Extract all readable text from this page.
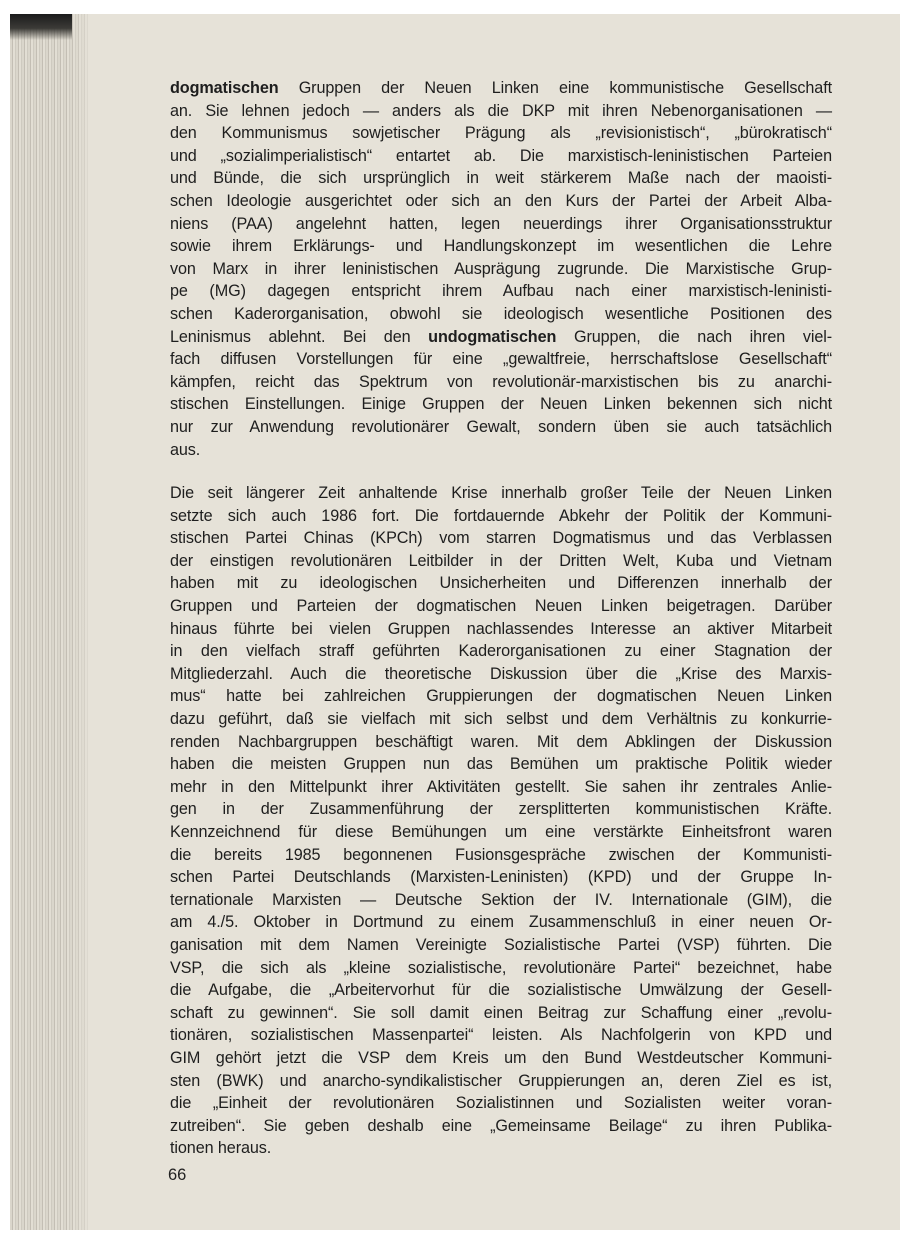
dogmatischen Gruppen der Neuen Linken eine kommunistische Gesellschaft
an. Sie lehnen jedoch — anders als die DKP mit ihren Nebenorganisationen —
den Kommunismus sowjetischer Prägung als „revisionistisch“, „bürokratisch“
und „sozialimperialistisch“ entartet ab. Die marxistisch-leninistischen Parteien
und Bünde, die sich ursprünglich in weit stärkerem Maße nach der maoisti-
schen Ideologie ausgerichtet oder sich an den Kurs der Partei der Arbeit Alba-
niens (PAA) angelehnt hatten, legen neuerdings ihrer Organisationsstruktur
sowie ihrem Erklärungs- und Handlungskonzept im wesentlichen die Lehre
von Marx in ihrer leninistischen Ausprägung zugrunde. Die Marxistische Grup-
pe (MG) dagegen entspricht ihrem Aufbau nach einer marxistisch-leninisti-
schen Kaderorganisation, obwohl sie ideologisch wesentliche Positionen des
Leninismus ablehnt. Bei den undogmatischen Gruppen, die nach ihren viel-
fach diffusen Vorstellungen für eine „gewaltfreie, herrschaftslose Gesellschaft“
kämpfen, reicht das Spektrum von revolutionär-marxistischen bis zu anarchi-
stischen Einstellungen. Einige Gruppen der Neuen Linken bekennen sich nicht
nur zur Anwendung revolutionärer Gewalt, sondern üben sie auch tatsächlich
aus.
Die seit längerer Zeit anhaltende Krise innerhalb großer Teile der Neuen Linken
setzte sich auch 1986 fort. Die fortdauernde Abkehr der Politik der Kommuni-
stischen Partei Chinas (KPCh) vom starren Dogmatismus und das Verblassen
der einstigen revolutionären Leitbilder in der Dritten Welt, Kuba und Vietnam
haben mit zu ideologischen Unsicherheiten und Differenzen innerhalb der
Gruppen und Parteien der dogmatischen Neuen Linken beigetragen. Darüber
hinaus führte bei vielen Gruppen nachlassendes Interesse an aktiver Mitarbeit
in den vielfach straff geführten Kaderorganisationen zu einer Stagnation der
Mitgliederzahl. Auch die theoretische Diskussion über die „Krise des Marxis-
mus“ hatte bei zahlreichen Gruppierungen der dogmatischen Neuen Linken
dazu geführt, daß sie vielfach mit sich selbst und dem Verhältnis zu konkurrie-
renden Nachbargruppen beschäftigt waren. Mit dem Abklingen der Diskussion
haben die meisten Gruppen nun das Bemühen um praktische Politik wieder
mehr in den Mittelpunkt ihrer Aktivitäten gestellt. Sie sahen ihr zentrales Anlie-
gen in der Zusammenführung der zersplitterten kommunistischen Kräfte.
Kennzeichnend für diese Bemühungen um eine verstärkte Einheitsfront waren
die bereits 1985 begonnenen Fusionsgespräche zwischen der Kommunisti-
schen Partei Deutschlands (Marxisten-Leninisten) (KPD) und der Gruppe In-
ternationale Marxisten — Deutsche Sektion der IV. Internationale (GIM), die
am 4./5. Oktober in Dortmund zu einem Zusammenschluß in einer neuen Or-
ganisation mit dem Namen Vereinigte Sozialistische Partei (VSP) führten. Die
VSP, die sich als „kleine sozialistische, revolutionäre Partei“ bezeichnet, habe
die Aufgabe, die „Arbeitervorhut für die sozialistische Umwälzung der Gesell-
schaft zu gewinnen“. Sie soll damit einen Beitrag zur Schaffung einer „revolu-
tionären, sozialistischen Massenpartei“ leisten. Als Nachfolgerin von KPD und
GIM gehört jetzt die VSP dem Kreis um den Bund Westdeutscher Kommuni-
sten (BWK) und anarcho-syndikalistischer Gruppierungen an, deren Ziel es ist,
die „Einheit der revolutionären Sozialistinnen und Sozialisten weiter voran-
zutreiben“. Sie geben deshalb eine „Gemeinsame Beilage“ zu ihren Publika-
tionen heraus.
66
